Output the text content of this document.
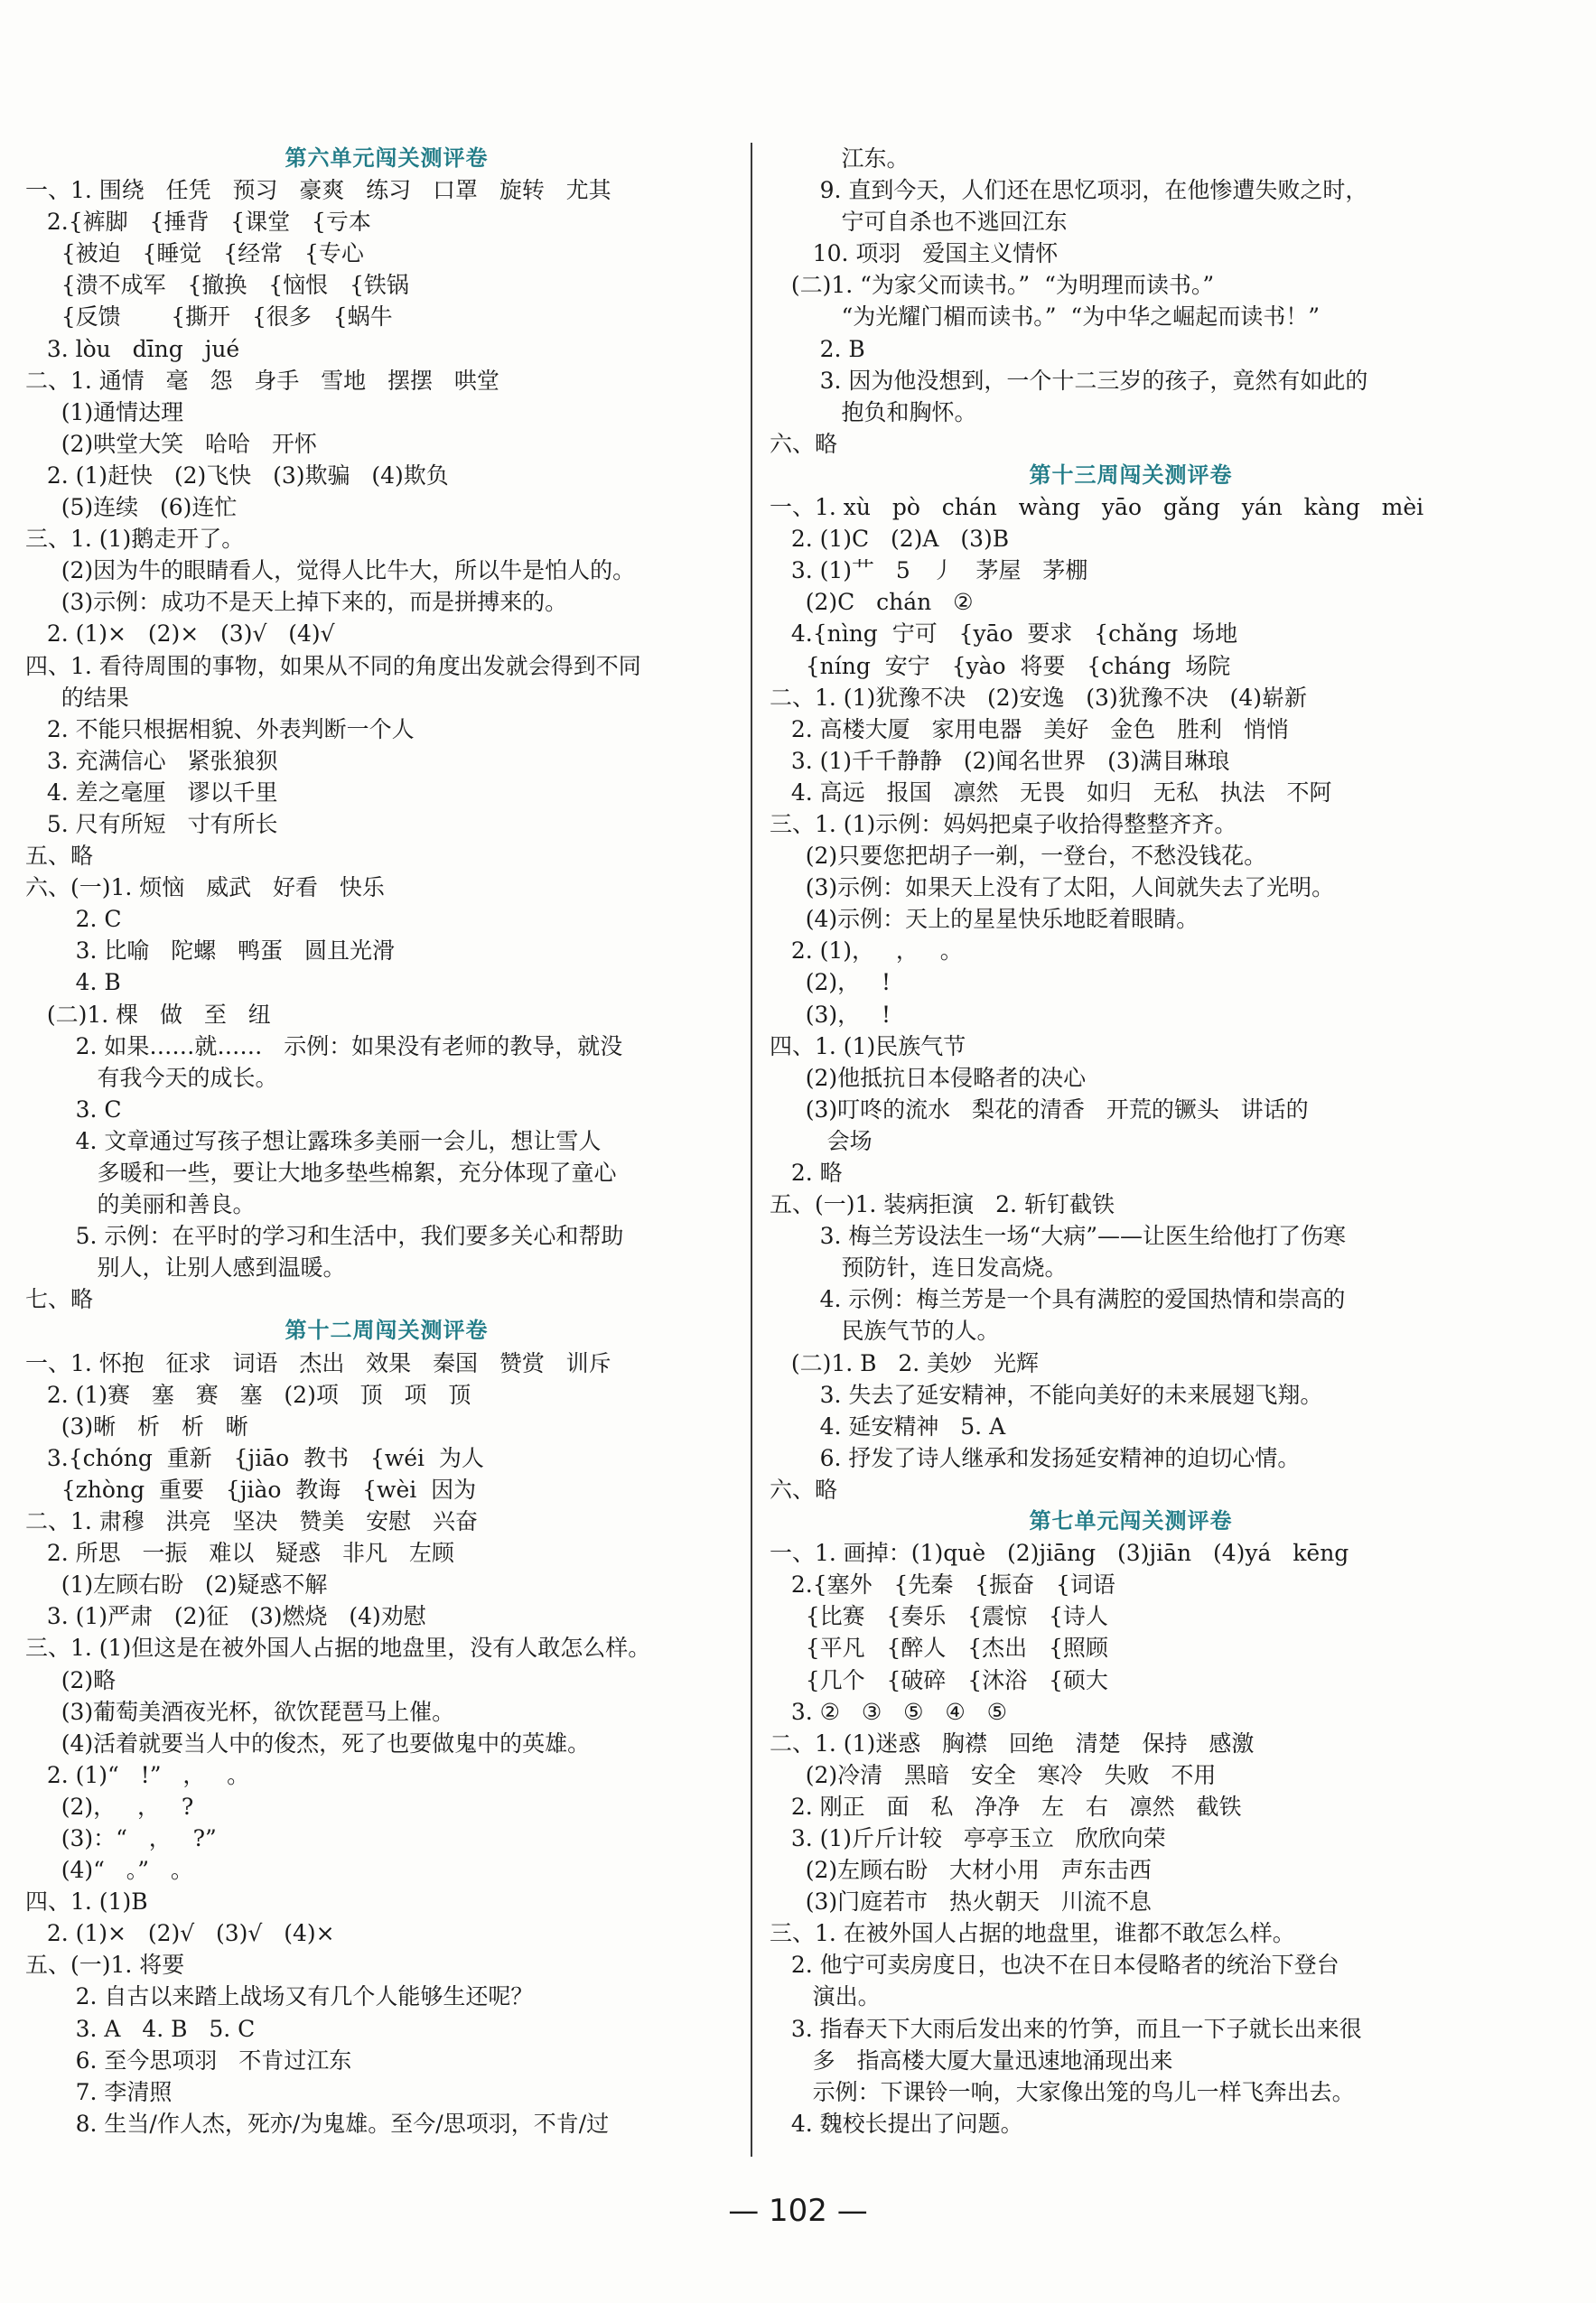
第六单元闯关测评卷
一、1. 围绕   任凭   预习   豪爽   练习   口罩   旋转   尤其
2.{裤脚   {捶背   {课堂   {亏本
{被迫   {睡觉   {经常   {专心
{溃不成军   {撤换   {恼恨   {铁锅
{反馈       {撕开   {很多   {蜗牛
3. lòu   dīng   jué
二、1. 通情   毫   怨   身手   雪地   摆摆   哄堂
(1)通情达理
(2)哄堂大笑   哈哈   开怀
2. (1)赶快   (2)飞快   (3)欺骗   (4)欺负
(5)连续   (6)连忙
三、1. (1)鹅走开了。
(2)因为牛的眼睛看人，觉得人比牛大，所以牛是怕人的。
(3)示例：成功不是天上掉下来的，而是拼搏来的。
2. (1)×   (2)×   (3)√   (4)√
四、1. 看待周围的事物，如果从不同的角度出发就会得到不同
的结果
2. 不能只根据相貌、外表判断一个人
3. 充满信心   紧张狼狈
4. 差之毫厘   谬以千里
5. 尺有所短   寸有所长
五、略
六、(一)1. 烦恼   威武   好看   快乐
2. C
3. 比喻   陀螺   鸭蛋   圆且光滑
4. B
(二)1. 棵   做   至   纽
2. 如果……就……   示例：如果没有老师的教导，就没
有我今天的成长。
3. C
4. 文章通过写孩子想让露珠多美丽一会儿，想让雪人
多暖和一些，要让大地多垫些棉絮，充分体现了童心
的美丽和善良。
5. 示例：在平时的学习和生活中，我们要多关心和帮助
别人，让别人感到温暖。
七、略
第十二周闯关测评卷
一、1. 怀抱   征求   词语   杰出   效果   秦国   赞赏   训斥
2. (1)赛   塞   赛   塞   (2)项   顶   项   顶
(3)晰   析   析   晰
3.{chóng  重新   {jiāo  教书   {wéi  为人
{zhòng  重要   {jiào  教诲   {wèi  因为
二、1. 肃穆   洪亮   坚决   赞美   安慰   兴奋
2. 所思   一振   难以   疑惑   非凡   左顾
(1)左顾右盼   (2)疑惑不解
3. (1)严肃   (2)征   (3)燃烧   (4)劝慰
三、1. (1)但这是在被外国人占据的地盘里，没有人敢怎么样。
(2)略
(3)葡萄美酒夜光杯，欲饮琵琶马上催。
(4)活着就要当人中的俊杰，死了也要做鬼中的英雄。
2. (1)“   !”   ，   。
(2)，   ，   ?
(3)：“   ，   ?”
(4)“   。”   。
四、1. (1)B
2. (1)×   (2)√   (3)√   (4)×
五、(一)1. 将要
2. 自古以来踏上战场又有几个人能够生还呢？
3. A   4. B   5. C
6. 至今思项羽   不肯过江东
7. 李清照
8. 生当/作人杰，死亦/为鬼雄。至今/思项羽，不肯/过
江东。
9. 直到今天，人们还在思忆项羽，在他惨遭失败之时，
宁可自杀也不逃回江东
10. 项羽   爱国主义情怀
(二)1. “为家父而读书。”  “为明理而读书。”
“为光耀门楣而读书。”  “为中华之崛起而读书！”
2. B
3. 因为他没想到，一个十二三岁的孩子，竟然有如此的
抱负和胸怀。
六、略
第十三周闯关测评卷
一、1. xù   pò   chán   wàng   yāo   gǎng   yán   kàng   mèi
2. (1)C   (2)A   (3)B
3. (1)艹   5   丿   茅屋   茅棚
(2)C   chán   ②
4.{nìng  宁可   {yāo  要求   {chǎng  场地
{níng  安宁   {yào  将要   {cháng  场院
二、1. (1)犹豫不决   (2)安逸   (3)犹豫不决   (4)崭新
2. 高楼大厦   家用电器   美好   金色   胜利   悄悄
3. (1)千千静静   (2)闻名世界   (3)满目琳琅
4. 高远   报国   凛然   无畏   如归   无私   执法   不阿
三、1. (1)示例：妈妈把桌子收拾得整整齐齐。
(2)只要您把胡子一剃，一登台，不愁没钱花。
(3)示例：如果天上没有了太阳，人间就失去了光明。
(4)示例：天上的星星快乐地眨着眼睛。
2. (1)，   ，   。
(2)，   !
(3)，   !
四、1. (1)民族气节
(2)他抵抗日本侵略者的决心
(3)叮咚的流水   梨花的清香   开荒的镢头   讲话的
会场
2. 略
五、(一)1. 装病拒演   2. 斩钉截铁
3. 梅兰芳设法生一场“大病”——让医生给他打了伤寒
预防针，连日发高烧。
4. 示例：梅兰芳是一个具有满腔的爱国热情和崇高的
民族气节的人。
(二)1. B   2. 美妙   光辉
3. 失去了延安精神，不能向美好的未来展翅飞翔。
4. 延安精神   5. A
6. 抒发了诗人继承和发扬延安精神的迫切心情。
六、略
第七单元闯关测评卷
一、1. 画掉：(1)què   (2)jiāng   (3)jiān   (4)yá   kēng
2.{塞外   {先秦   {振奋   {词语
{比赛   {奏乐   {震惊   {诗人
{平凡   {醉人   {杰出   {照顾
{几个   {破碎   {沐浴   {硕大
3. ②   ③   ⑤   ④   ⑤
二、1. (1)迷惑   胸襟   回绝   清楚   保持   感激
(2)冷清   黑暗   安全   寒冷   失败   不用
2. 刚正   面   私   净净   左   右   凛然   截铁
3. (1)斤斤计较   亭亭玉立   欣欣向荣
(2)左顾右盼   大材小用   声东击西
(3)门庭若市   热火朝天   川流不息
三、1. 在被外国人占据的地盘里，谁都不敢怎么样。
2. 他宁可卖房度日，也决不在日本侵略者的统治下登台
演出。
3. 指春天下大雨后发出来的竹笋，而且一下子就长出来很
多   指高楼大厦大量迅速地涌现出来
示例：下课铃一响，大家像出笼的鸟儿一样飞奔出去。
4. 魏校长提出了问题。
— 102 —
